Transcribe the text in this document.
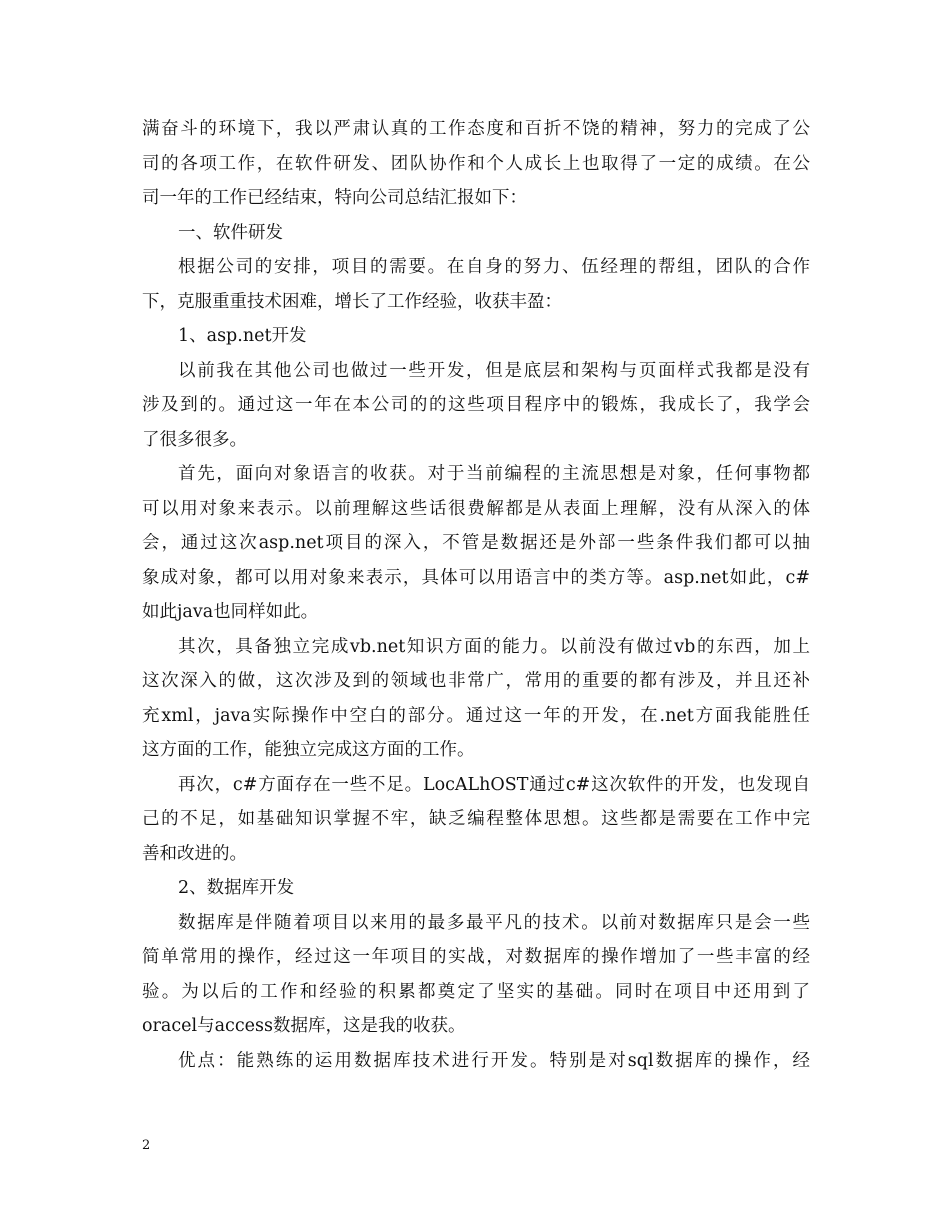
满奋斗的环境下，我以严肃认真的工作态度和百折不饶的精神，努力的完成了公
司的各项工作，在软件研发、团队协作和个人成长上也取得了一定的成绩。在公
司一年的工作已经结束，特向公司总结汇报如下：
一、软件研发
根据公司的安排，项目的需要。在自身的努力、伍经理的帮组，团队的合作
下，克服重重技术困难，增长了工作经验，收获丰盈：
1、asp.net开发
以前我在其他公司也做过一些开发，但是底层和架构与页面样式我都是没有
涉及到的。通过这一年在本公司的的这些项目程序中的锻炼，我成长了，我学会
了很多很多。
首先，面向对象语言的收获。对于当前编程的主流思想是对象，任何事物都
可以用对象来表示。以前理解这些话很费解都是从表面上理解，没有从深入的体
会，通过这次asp.net项目的深入，不管是数据还是外部一些条件我们都可以抽
象成对象，都可以用对象来表示，具体可以用语言中的类方等。asp.net如此，c#
如此java也同样如此。
其次，具备独立完成vb.net知识方面的能力。以前没有做过vb的东西，加上
这次深入的做，这次涉及到的领域也非常广，常用的重要的都有涉及，并且还补
充xml，java实际操作中空白的部分。通过这一年的开发，在.net方面我能胜任
这方面的工作，能独立完成这方面的工作。
再次，c#方面存在一些不足。LocALhOST通过c#这次软件的开发，也发现自
己的不足，如基础知识掌握不牢，缺乏编程整体思想。这些都是需要在工作中完
善和改进的。
2、数据库开发
数据库是伴随着项目以来用的最多最平凡的技术。以前对数据库只是会一些
简单常用的操作，经过这一年项目的实战，对数据库的操作增加了一些丰富的经
验。为以后的工作和经验的积累都奠定了坚实的基础。同时在项目中还用到了
oracel与access数据库，这是我的收获。
优点：能熟练的运用数据库技术进行开发。特别是对sql数据库的操作，经
2
